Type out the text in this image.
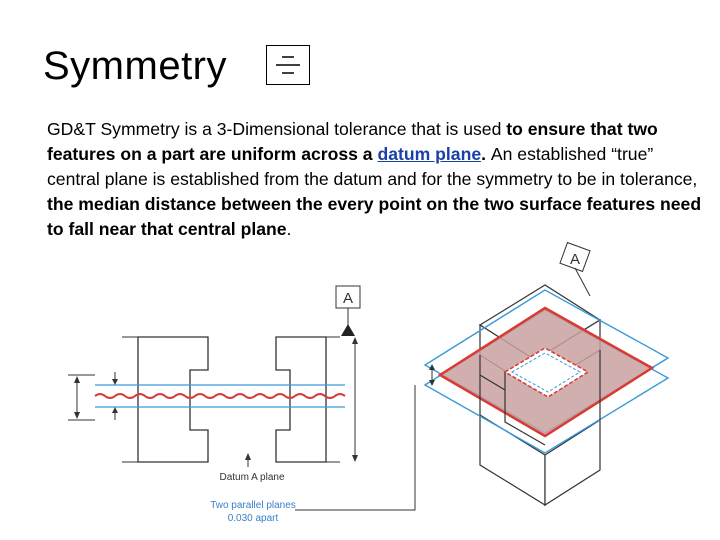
Symmetry
GD&T Symmetry is a 3-Dimensional tolerance that is used to ensure that two features on a part are uniform across a datum plane. An established “true” central plane is established from the datum and for the symmetry to be in tolerance, the median distance between the every point on the two surface features need to fall near that central plane.
A
Datum A plane
Two parallel planes
0.030 apart
A
